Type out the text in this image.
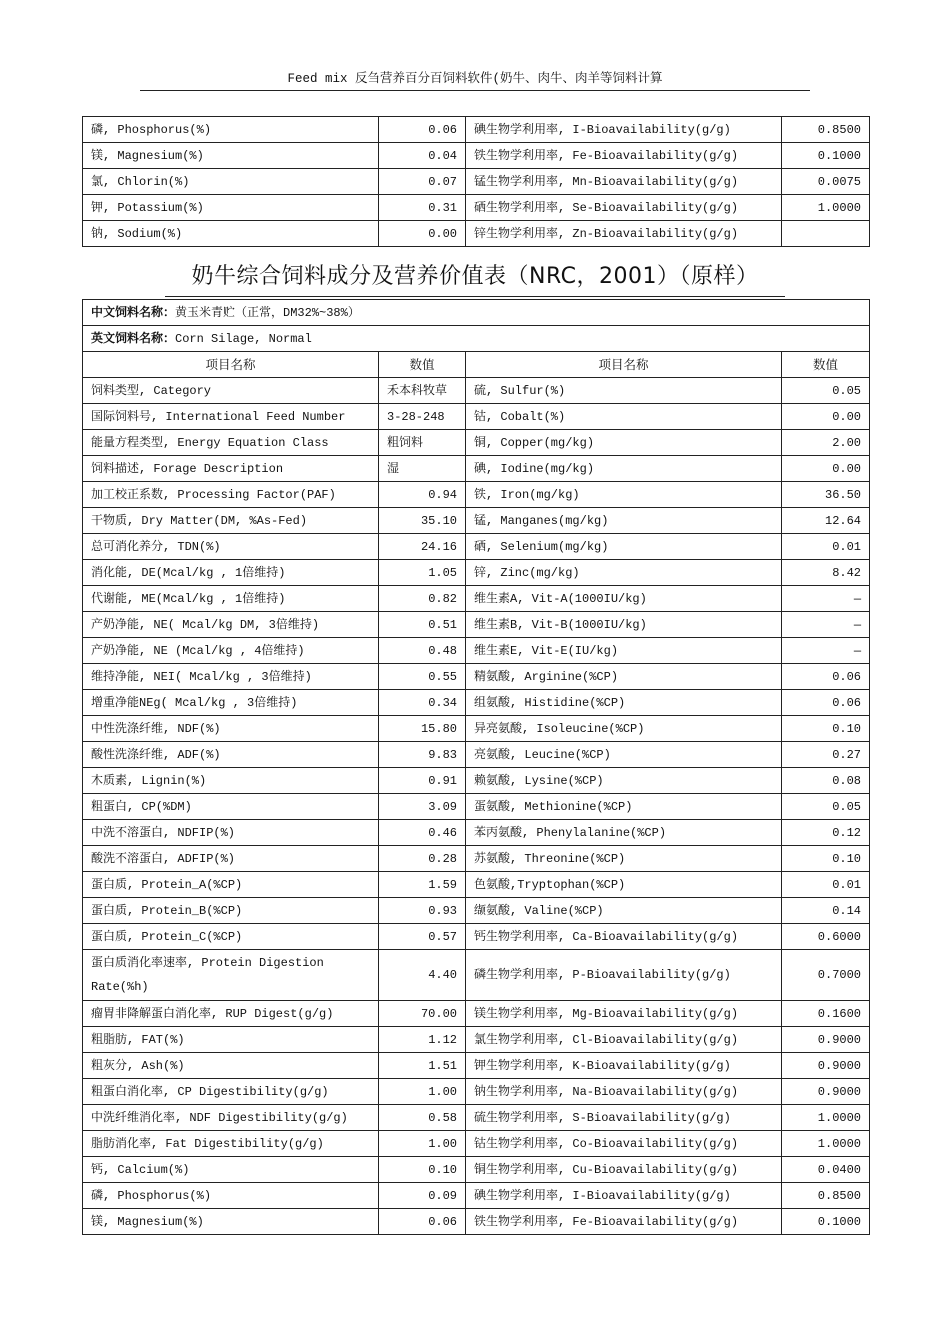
Feed mix 反刍营养百分百饲料软件(奶牛、肉牛、肉羊等饲料计算
磷, Phosphorus(%)	0.06	碘生物学利用率, I-Bioavailability(g/g)	0.8500
镁, Magnesium(%)	0.04	铁生物学利用率, Fe-Bioavailability(g/g)	0.1000
氯, Chlorin(%)	0.07	锰生物学利用率, Mn-Bioavailability(g/g)	0.0075
钾, Potassium(%)	0.31	硒生物学利用率, Se-Bioavailability(g/g)	1.0000
钠, Sodium(%)	0.00	锌生物学利用率, Zn-Bioavailability(g/g)	
奶牛综合饲料成分及营养价值表（NRC，2001）（原样）
中文饲料名称：黄玉米青贮（正常，DM32%~38%）			
英文饲料名称：Corn Silage, Normal			
项目名称	数值	项目名称	数值
饲料类型, Category	禾本科牧草	硫, Sulfur(%)	0.05
国际饲料号, International Feed Number	3-28-248	钴, Cobalt(%)	0.00
能量方程类型, Energy Equation Class	粗饲料	铜, Copper(mg/kg)	2.00
饲料描述, Forage Description	湿	碘, Iodine(mg/kg)	0.00
加工校正系数, Processing Factor(PAF)	0.94	铁, Iron(mg/kg)	36.50
干物质, Dry Matter(DM, %As-Fed)	35.10	锰, Manganes(mg/kg)	12.64
总可消化养分, TDN(%)	24.16	硒, Selenium(mg/kg)	0.01
消化能, DE(Mcal/kg , 1倍维持)	1.05	锌, Zinc(mg/kg)	8.42
代谢能, ME(Mcal/kg , 1倍维持)	0.82	维生素A, Vit-A(1000IU/kg)	—
产奶净能, NE( Mcal/kg DM, 3倍维持)	0.51	维生素B, Vit-B(1000IU/kg)	—
产奶净能, NE (Mcal/kg , 4倍维持)	0.48	维生素E, Vit-E(IU/kg)	—
维持净能, NEI( Mcal/kg , 3倍维持)	0.55	精氨酸, Arginine(%CP)	0.06
增重净能NEg( Mcal/kg , 3倍维持)	0.34	组氨酸, Histidine(%CP)	0.06
中性洗涤纤维, NDF(%)	15.80	异亮氨酸, Isoleucine(%CP)	0.10
酸性洗涤纤维, ADF(%)	9.83	亮氨酸, Leucine(%CP)	0.27
木质素, Lignin(%)	0.91	赖氨酸, Lysine(%CP)	0.08
粗蛋白, CP(%DM)	3.09	蛋氨酸, Methionine(%CP)	0.05
中洗不溶蛋白, NDFIP(%)	0.46	苯丙氨酸, Phenylalanine(%CP)	0.12
酸洗不溶蛋白, ADFIP(%)	0.28	苏氨酸, Threonine(%CP)	0.10
蛋白质, Protein_A(%CP)	1.59	色氨酸,Tryptophan(%CP)	0.01
蛋白质, Protein_B(%CP)	0.93	缬氨酸, Valine(%CP)	0.14
蛋白质, Protein_C(%CP)	0.57	钙生物学利用率, Ca-Bioavailability(g/g)	0.6000
蛋白质消化率速率, Protein Digestion Rate(%h)	4.40	磷生物学利用率, P-Bioavailability(g/g)	0.7000
瘤胃非降解蛋白消化率, RUP Digest(g/g)	70.00	镁生物学利用率, Mg-Bioavailability(g/g)	0.1600
粗脂肪, FAT(%)	1.12	氯生物学利用率, Cl-Bioavailability(g/g)	0.9000
粗灰分, Ash(%)	1.51	钾生物学利用率, K-Bioavailability(g/g)	0.9000
粗蛋白消化率, CP Digestibility(g/g)	1.00	钠生物学利用率, Na-Bioavailability(g/g)	0.9000
中洗纤维消化率, NDF Digestibility(g/g)	0.58	硫生物学利用率, S-Bioavailability(g/g)	1.0000
脂肪消化率, Fat Digestibility(g/g)	1.00	钴生物学利用率, Co-Bioavailability(g/g)	1.0000
钙, Calcium(%)	0.10	铜生物学利用率, Cu-Bioavailability(g/g)	0.0400
磷, Phosphorus(%)	0.09	碘生物学利用率, I-Bioavailability(g/g)	0.8500
镁, Magnesium(%)	0.06	铁生物学利用率, Fe-Bioavailability(g/g)	0.1000
